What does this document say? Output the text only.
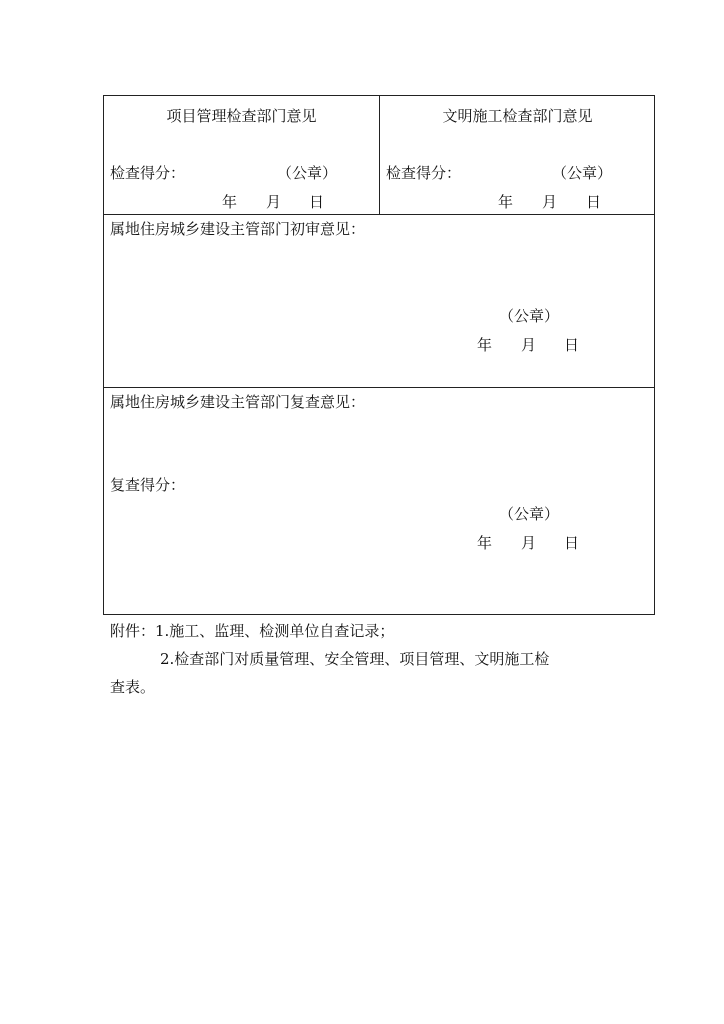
项目管理检查部门意见
检查得分：	（公章）
年 月 日
文明施工检查部门意见
检查得分：	（公章）
年 月 日
属地住房城乡建设主管部门初审意见：
（公章）
年 月 日
属地住房城乡建设主管部门复查意见：
复查得分：
（公章）
年 月 日
附件：1.施工、监理、检测单位自查记录；
2.检查部门对质量管理、安全管理、项目管理、文明施工检
查表。
